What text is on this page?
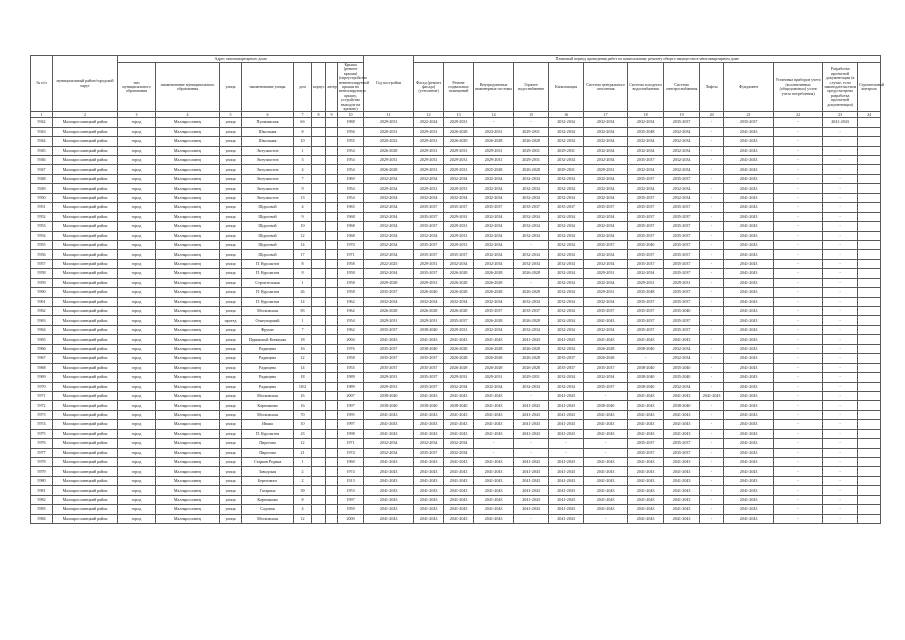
№ п/п	муниципальный район/городской округ	Адрес многоквартирного дома								Год постройки	Плановый период проведения работ по капитальному ремонту общего имущества в многоквартирном доме												
		тип муниципального образования	наименование муниципального образования	улица	наименование улицы	дом	корпус	литер	Крыша (ремонт крыши) (переустройство невентилируемой крыши на вентилируемую крышу, устройство выходов на кровлю)		Фасад (ремонт фасада) (утепление)	Ремонт подвальных помещений	Внутридомовые инженерные системы	Горячее водоснабжение	Канализация	Система центрального отопления	Система холодного водоснабжения	Система электроснабжения	Лифты	Фундамент	Установка приборов учета (коллективных (общедомовых) узлов учета потребления)	Разработка проектной документации (в случае, если законодательством предусмотрена разработка проектной документации)	Строительный контроль
1	2	3	4	5	6	7	8	9	10	11	12	13	14	15	16	17	18	19	20	21	22	23	24
5942	Малоярославецкий район	город	Малоярославец	улица	Пушкинская	6б			1988	2029-2031	2022-2024	2029-2031	-	-	2032-2034	2032-2034	2032-2034	2035-2037	-	2035-2037	-	2041-2043	
5943	Малоярославецкий район	город	Малоярославец	улица	Школьная	8			1956	2020-2031	2029-2031	2026-2028	2023-2031	2029-2031	2032-2034	2032-2034	2035-2048	2032-2034	-	2041-2043	-	-	
5944	Малоярославецкий район	город	Малоярославец	улица	Школьная	10			1955	2020-2022	2029-2031	2026-2029	2026-2028	2026-2028	2032-2034	2032-2034	2032-2034	2032-2034	-	2041-2043	-	-	
5945	Малоярославецкий район	город	Малоярославец	улица	Энтузиастов	1			1954	2026-2028	2029-2031	2029-2031	2029-2031	2029-2031	2029-2031	2032-2034	2032-2034	2032-2034	-	2041-2043	-	-	
5946	Малоярославецкий район	город	Малоярославец	улица	Энтузиастов	3			1954	2029-2031	2029-2031	2029-2031	2029-2031	2029-2031	2032-2034	2032-2034	2035-2037	2032-2034	-	2041-2043	-	-	
5947	Малоярославецкий район	город	Малоярославец	улица	Энтузиастов	4			1954	2026-2028	2029-2031	2029-2031	2025-2028	2026-2028	2029-2031	2029-2031	2032-2034	2032-2034	-	2041-2043	-	-	
5948	Малоярославецкий район	город	Малоярославец	улица	Энтузиастов	7			1969	2032-2034	2032-2034	2032-2034	2032-2034	2032-2034	2032-2034	2032-2034	2035-2037	2035-2037	-	2041-2043	-	-	
5949	Малоярославецкий район	город	Малоярославец	улица	Энтузиастов	9			1954	2029-2034	2029-2031	2029-2031	2032-2034	2032-2034	2032-2034	2032-2034	2032-2034	2032-2034	-	2041-2043	-	-	
5950	Малоярославецкий район	город	Малоярославец	улица	Энтузиастов	13			1954	2032-2034	2032-2034	2032-2034	2032-2034	2032-2034	2032-2034	2032-2034	2035-2037	2032-2034	-	2041-2043	-	-	
5951	Малоярославецкий район	город	Малоярославец	улица	Щорсовой	4			1965	2032-2034	2035-2037	2035-2037	2035-2037	2035-2037	2035-2037	2035-2037	2035-2037	2035-2037	-	2041-2043	-	-	
5952	Малоярославецкий район	город	Малоярославец	улица	Щорсовой	9			1968	2032-2034	2035-2037	2029-2031	2032-2034	2032-2034	2032-2034	2032-2034	2035-2037	2035-2037	-	2041-2043	-	-	
5953	Малоярославецкий район	город	Малоярославец	улица	Щорсовой	10			1968	2032-2034	2035-2037	2029-2031	2032-2034	2032-2034	2032-2034	2032-2034	2035-2037	2035-2037	-	2041-2043	-	-	
5954	Малоярославецкий район	город	Малоярославец	улица	Щорсовой	12			1968	2032-2034	2032-2034	2029-2031	2032-2034	2032-2034	2032-2034	2032-2034	2035-2037	2035-2037	-	2041-2043	-	-	
5955	Малоярославецкий район	город	Малоярославец	улица	Щорсовой	14			1970	2032-2034	2035-2037	2029-2031	2032-2034	-	2032-2034	2035-2037	2035-2040	2035-2037	-	2041-2043	-	-	
5956	Малоярославецкий район	город	Малоярославец	улица	Щорсовой	17			1971	2032-2034	2035-2037	2035-2037	2032-2034	2032-2034	2032-2034	2032-2034	2035-2037	2035-2037	-	2041-2043	-	-	
5957	Малоярославецкий район	город	Малоярославец	улица	П. Курсантов	8			1958	2022-2025	2029-2031	2032-2034	2032-2034	2032-2034	2032-2034	2032-2034	2035-2037	2035-2037	-	2041-2043	-	-	
5958	Малоярославецкий район	город	Малоярославец	улица	П. Курсантов	8			1958	2032-2034	2035-2037	2026-2028	2026-2028	2026-2028	2032-2034	2029-2031	2032-2034	2035-2037	-	2041-2043	-	-	
5959	Малоярославецкий район	город	Малоярославец	улица	Строительная	1			1958	2029-2028	2029-2031	2026-2028	2026-2028	-	2032-2034	2032-2034	2029-2031	2029-2031	-	2041-2043	-	-	
5960	Малоярославецкий район	город	Малоярославец	улица	П. Курсантов	26			1958	2035-2037	2026-2040	2026-2028	2026-2028	2026-2028	2032-2034	2029-2031	2035-2048	2035-2037	-	2041-2043	-	-	
5961	Малоярославецкий район	город	Малоярославец	улица	П. Курсантов	14			1962	2032-2034	2032-2034	2032-2034	2032-2034	2032-2034	2032-2034	2032-2034	2035-2037	2035-2037	-	2041-2043	-	-	
5962	Малоярославецкий район	город	Малоярославец	улица	Московская	83			1962	2026-2028	2026-2028	2026-2028	2035-2037	2035-2037	2032-2034	2035-2037	2035-2037	2035-2040	-	2041-2043	-	-	
5963	Малоярославецкий район	город	Малоярославец	проезд	Огнеупорный	1			1954	2029-2031	2029-2031	2035-2037	2026-2028	2026-2028	2032-2034	2041-2043	2035-2037	2035-2037	-	2041-2043	-	-	
5964	Малоярославецкий район	город	Малоярославец	улица	Фрунзе	7			1962	2035-2037	2038-2040	2029-2031	2032-2034	2032-2034	2032-2034	2032-2034	2035-2037	2035-2037	-	2041-2043	-	-	
5965	Малоярославецкий район	город	Малоярославец	улица	Парижской Коммуны	18			2004	2041-2043	2041-2043	2041-2043	2041-2043	2041-2043	2041-2043	2041-2043	2041-2043	2041-2043	-	2041-2043	-	-	
5966	Малоярославецкий район	город	Малоярославец	улица	Радищева	16			1976	2035-2037	2038-2040	2026-2028	2026-2028	2026-2028	2032-2034	2026-2028	2038-2040	2032-2034	-	2041-2043	-	-	
5967	Малоярославецкий район	город	Малоярославец	улица	Радищева	12			1958	2035-2037	2035-2037	2026-2028	2026-2028	2026-2028	2035-2037	2026-2028	-	2032-2034	-	2041-2043	-	-	
5968	Малоярославецкий район	город	Малоярославец	улица	Радищева	14			1955	2035-2037	2035-2037	2026-2028	2026-2028	2026-2028	2035-2037	2035-2037	2038-2040	2035-2040	-	2041-2043	-	-	
5969	Малоярославецкий район	город	Малоярославец	улица	Радищева	18			1989	2029-2031	2035-2037	2029-2031	2029-2031	2029-2031	2032-2034	2032-2034	2038-2040	2035-2040	-	2041-2043	-	-	
5970	Малоярославецкий район	город	Малоярославец	улица	Радищева	18/2			1989	2029-2031	2035-2037	2032-2034	2032-2034	2032-2034	2032-2034	2035-2037	2038-2040	2032-2034	-	2041-2043	-	-	
5971	Малоярославецкий район	город	Малоярославец	улица	Московская	16			2007	2038-2040	2041-2043	2041-2043	2041-2043	-	2041-2043	-	2041-2043	2041-2043	2041-2043	2041-2043	-	-	
5972	Малоярославецкий район	город	Малоярославец	улица	Карпенкова	16			1997	2038-2040	2038-2040	2038-2040	2041-2043	2041-2043	2041-2043	2038-2040	2041-2043	2038-2040	-	2041-2043	-	-	
5973	Малоярославецкий район	город	Малоярославец	улица	Московская	70			1995	2041-2043	2041-2043	2041-2043	2041-2043	2041-2043	2041-2043	2041-2043	2041-2043	2041-2043	-	2041-2043	-	-	
5974	Малоярославецкий район	город	Малоярославец	улица	Ивана	10			1997	2041-2043	2041-2043	2041-2043	2041-2043	2041-2043	2041-2043	2041-2043	2041-2043	2041-2043	-	2041-2043	-	-	
5975	Малоярославецкий район	город	Малоярославец	улица	П. Курсантов	23			1998	2041-2043	2041-2043	2041-2043	2041-2043	2041-2043	2041-2043	2041-2043	2041-2043	2041-2043	-	2041-2043	-	-	
5976	Малоярославецкий район	город	Малоярославец	улица	Пирогова	12			1971	2032-2034	2032-2034	2032-2034	-	-	-	-	2035-2037	2035-2037	-	2041-2043	-	-	
5977	Малоярославецкий район	город	Малоярославец	улица	Пирогова	21			1974	2032-2034	2035-2037	2032-2034	-	-	-	-	2035-2037	2035-2037	-	2041-2043	-	-	
5978	Малоярославецкий район	город	Малоярославец	улица	Старков Родина	1			1960	2041-2043	2041-2043	2041-2043	2041-2043	2041-2043	2041-2043	2041-2043	2041-2043	2041-2043	-	2041-2043	-	-	
5979	Малоярославецкий район	город	Малоярославец	улица	Заводская	2			1974	2041-2043	2041-2043	2041-2043	2041-2043	2041-2043	2041-2043	2041-2043	2041-2043	2041-2043	-	2041-2043	-	-	
5980	Малоярославецкий район	город	Малоярославец	улица	Березового	2			1913	2041-2043	2041-2043	2041-2043	2041-2043	2041-2043	2041-2043	2041-2043	2041-2043	2041-2043	-	2041-2043	-	-	
5981	Малоярославецкий район	город	Малоярославец	улица	Гагарина	39			1953	2041-2043	2041-2043	2041-2043	2041-2043	2041-2043	2041-2043	2041-2043	2041-2043	2041-2043	-	2041-2043	-	-	
5982	Малоярославецкий район	город	Малоярославец	улица	Карпенкова	8			1997	2041-2043	2041-2043	2041-2043	2041-2043	2041-2043	2041-2043	2041-2043	2041-2043	2041-2043	-	2041-2043	-	-	
5983	Малоярославецкий район	город	Малоярославец	улица	Садовая	4			1959	2041-2043	2041-2043	2041-2043	2041-2043	2041-2043	2041-2043	2041-2043	2041-2043	2041-2043	-	2041-2043	-	-	
5984	Малоярославецкий район	город	Малоярославец	улица	Московская	12			2000	2041-2043	2041-2043	2041-2043	2041-2043	-	2041-2043	-	2041-2043	2041-2043	-	2041-2043	-	-	
